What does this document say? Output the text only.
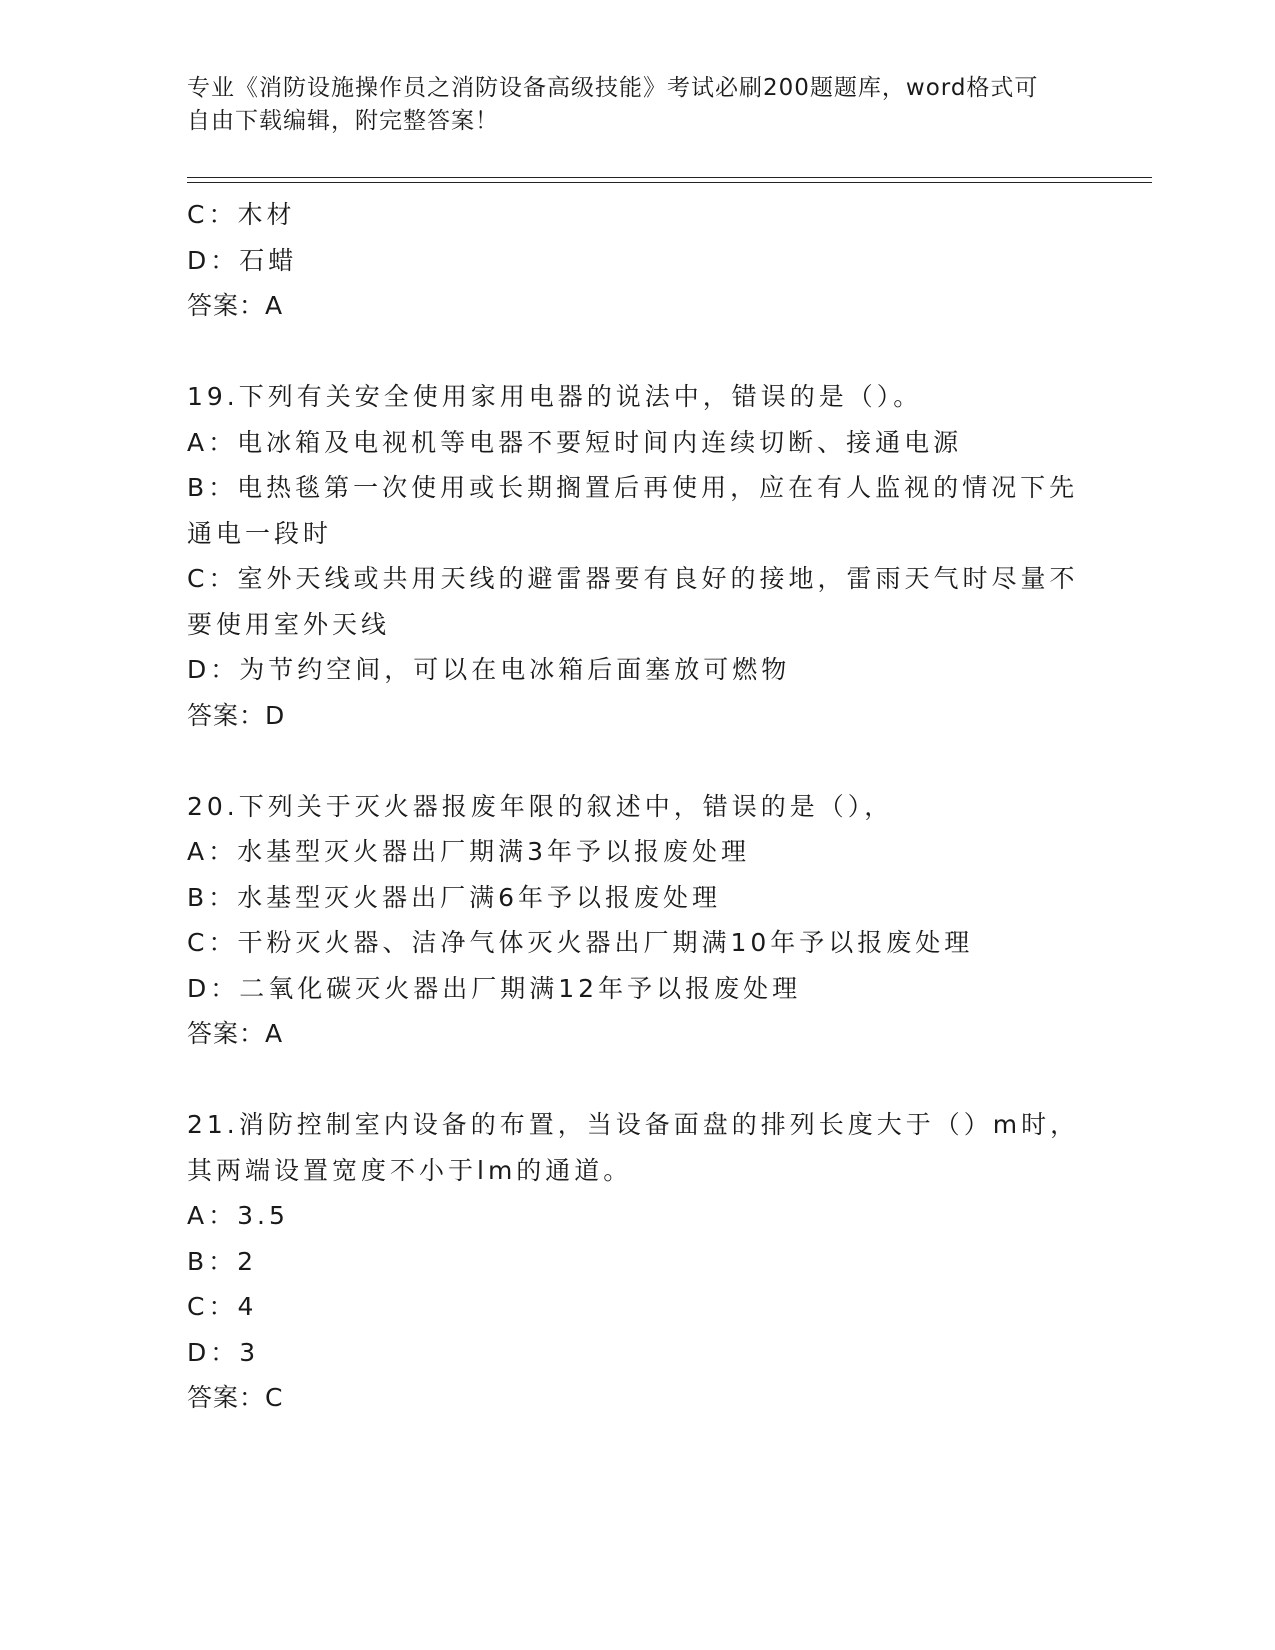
专业《消防设施操作员之消防设备高级技能》考试必刷200题题库，word格式可
自由下载编辑，附完整答案！
C：木材
D：石蜡
答案：A
19.下列有关安全使用家用电器的说法中，错误的是（）。
A：电冰箱及电视机等电器不要短时间内连续切断、接通电源
B：电热毯第一次使用或长期搁置后再使用，应在有人监视的情况下先
通电一段时
C：室外天线或共用天线的避雷器要有良好的接地，雷雨天气时尽量不
要使用室外天线
D：为节约空间，可以在电冰箱后面塞放可燃物
答案：D
20.下列关于灭火器报废年限的叙述中，错误的是（），
A：水基型灭火器出厂期满3年予以报废处理
B：水基型灭火器出厂满6年予以报废处理
C：干粉灭火器、洁净气体灭火器出厂期满10年予以报废处理
D：二氧化碳灭火器出厂期满12年予以报废处理
答案：A
21.消防控制室内设备的布置，当设备面盘的排列长度大于（）m时，
其两端设置宽度不小于lm的通道。
A：3.5
B：2
C：4
D：3
答案：C
